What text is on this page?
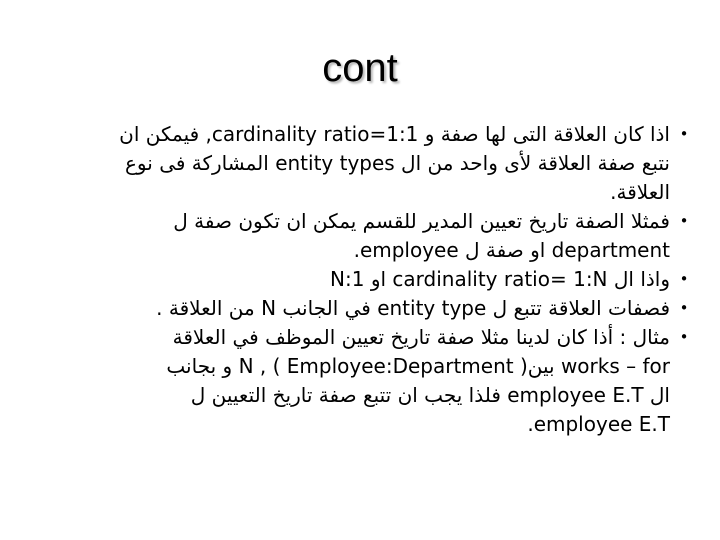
cont
•
اذا كان العلاقة التى لها صفة و cardinality ratio=1:1, فيمكن ان
نتبع صفة العلاقة لأى واحد من ال entity types المشاركة فى نوع
العلاقة.
•
فمثلا الصفة تاريخ تعيين المدير للقسم يمكن ان تكون صفة ل
department او صفة ل employee.
•
واذا ال cardinality ratio= 1:N او N:1
•
فصفات العلاقة تتبع ل entity type في الجانب N من العلاقة .
•
مثال : أذا كان لدينا مثلا صفة تاريخ تعيين الموظف في العلاقة
works – for بين( Employee:Department ) , N و بجانب
ال employee E.T فلذا يجب ان تتبع صفة تاريخ التعيين ل
employee E.T.
